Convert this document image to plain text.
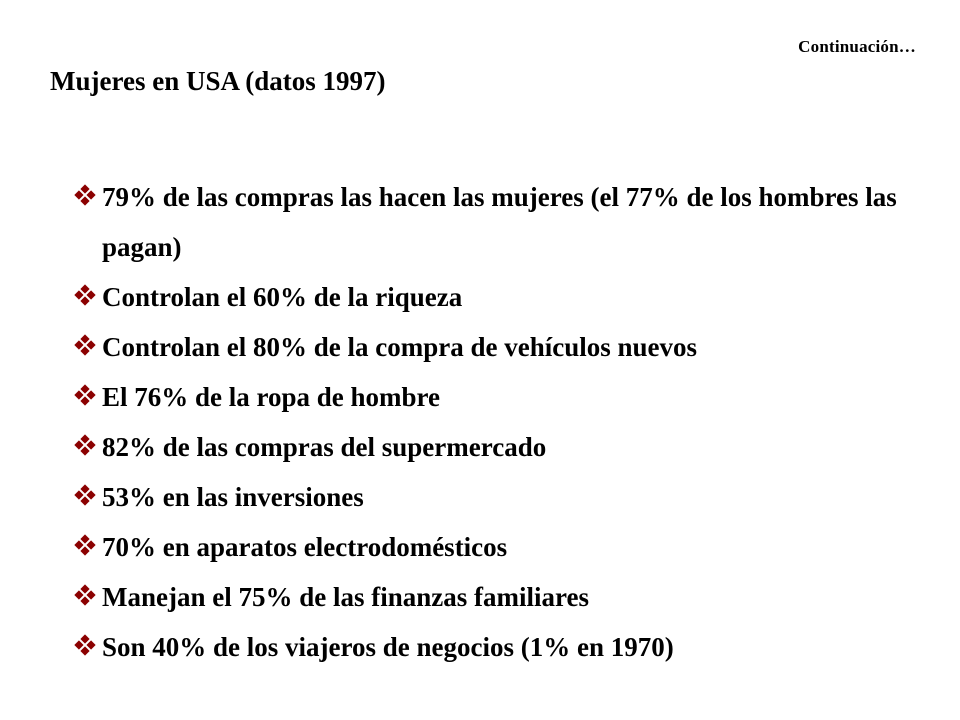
Continuación…
Mujeres en USA (datos 1997)
79% de las compras las hacen las mujeres (el 77% de los hombres las pagan)
Controlan el 60% de la riqueza
Controlan el 80% de la compra de vehículos nuevos
El 76% de la ropa de hombre
82% de las compras del supermercado
53% en las inversiones
70% en aparatos electrodomésticos
Manejan el 75% de las finanzas familiares
Son 40% de los viajeros de negocios (1% en 1970)
